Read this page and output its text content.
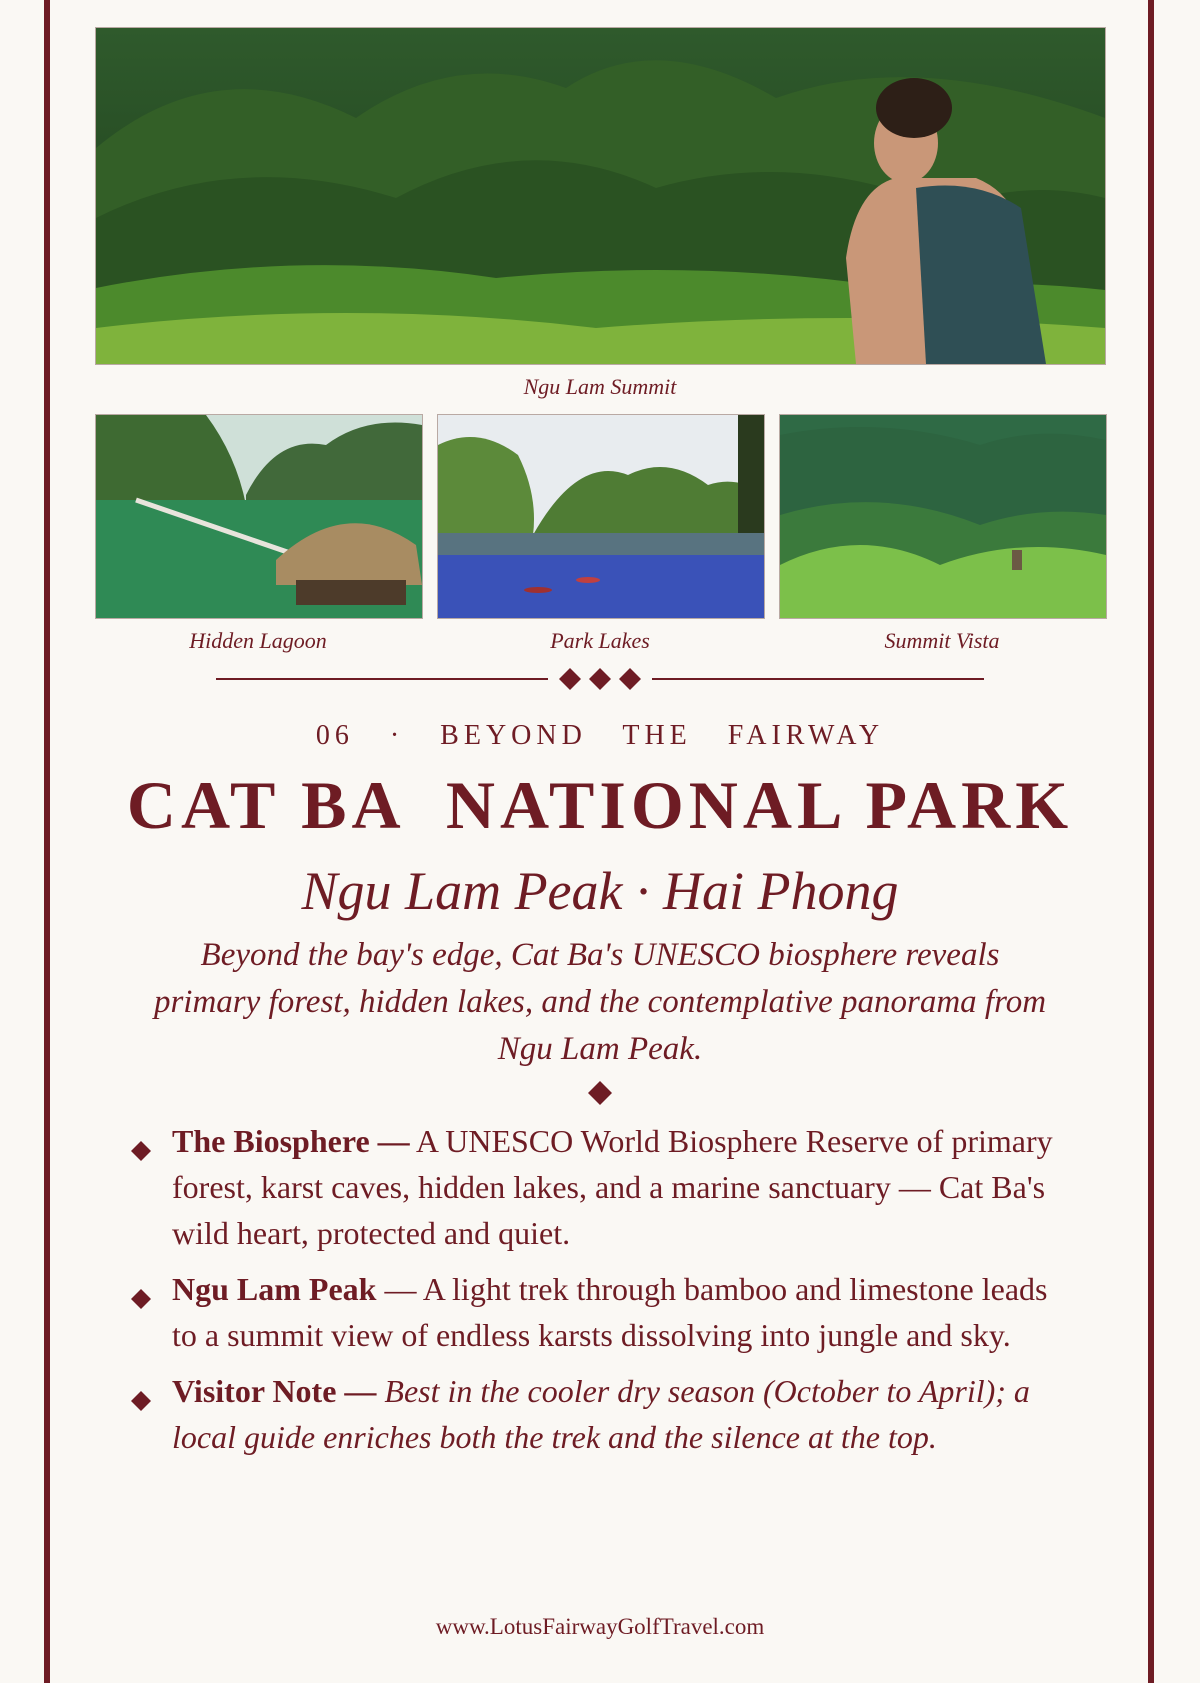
Ngu Lam Summit
Hidden Lagoon	Park Lakes	Summit Vista
06   ·   BEYOND   THE   FAIRWAY
CAT BA  NATIONAL PARK
Ngu Lam Peak · Hai Phong
Beyond the bay's edge, Cat Ba's UNESCO biosphere reveals primary forest, hidden lakes, and the contemplative panorama from Ngu Lam Peak.
The Biosphere — A UNESCO World Biosphere Reserve of primary forest, karst caves, hidden lakes, and a marine sanctuary — Cat Ba's wild heart, protected and quiet.
Ngu Lam Peak — A light trek through bamboo and limestone leads to a summit view of endless karsts dissolving into jungle and sky.
Visitor Note — Best in the cooler dry season (October to April); a local guide enriches both the trek and the silence at the top.
www.LotusFairwayGolfTravel.com
